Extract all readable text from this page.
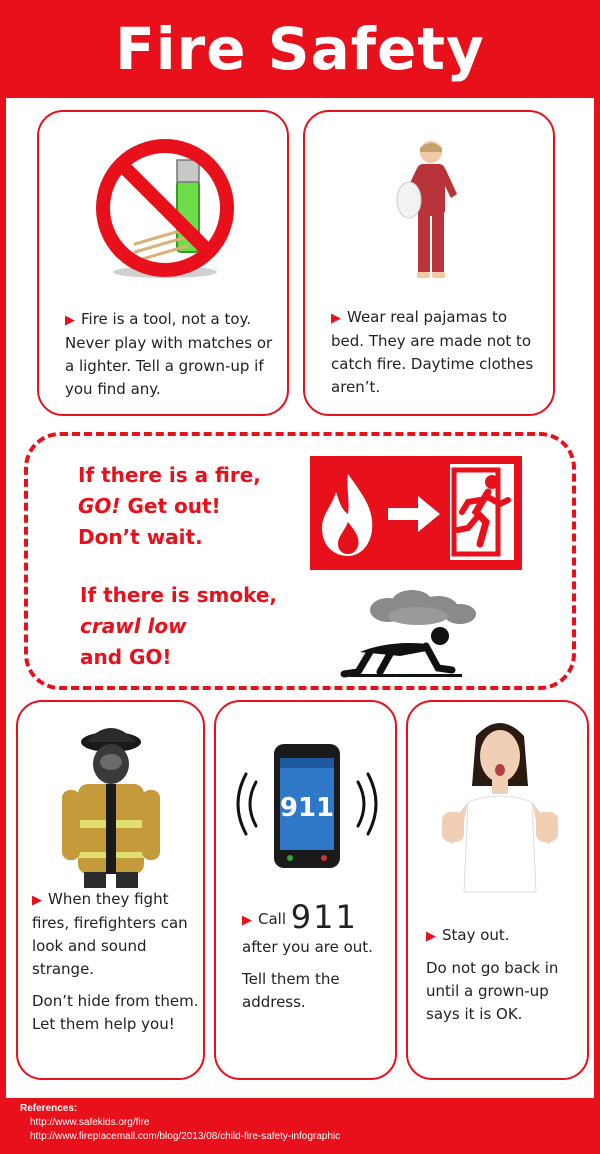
Fire Safety
▶ Fire is a tool, not a toy. Never play with matches or a lighter. Tell a grown-up if you find any.
▶ Wear real pajamas to bed. They are made not to catch fire. Daytime clothes aren’t.
If there is a fire,
GO! Get out!
Don’t wait.
If there is smoke,
crawl low
and GO!
▶ When they fight fires, firefighters can look and sound strange.
Don’t hide from them. Let them help you!
911
▶ Call 911
after you are out.
Tell them the address.
▶ Stay out.
Do not go back in until a grown-up says it is OK.
References:
http://www.safekids.org/fire
http://www.fireplacemall.com/blog/2013/08/child-fire-safety-infographic
